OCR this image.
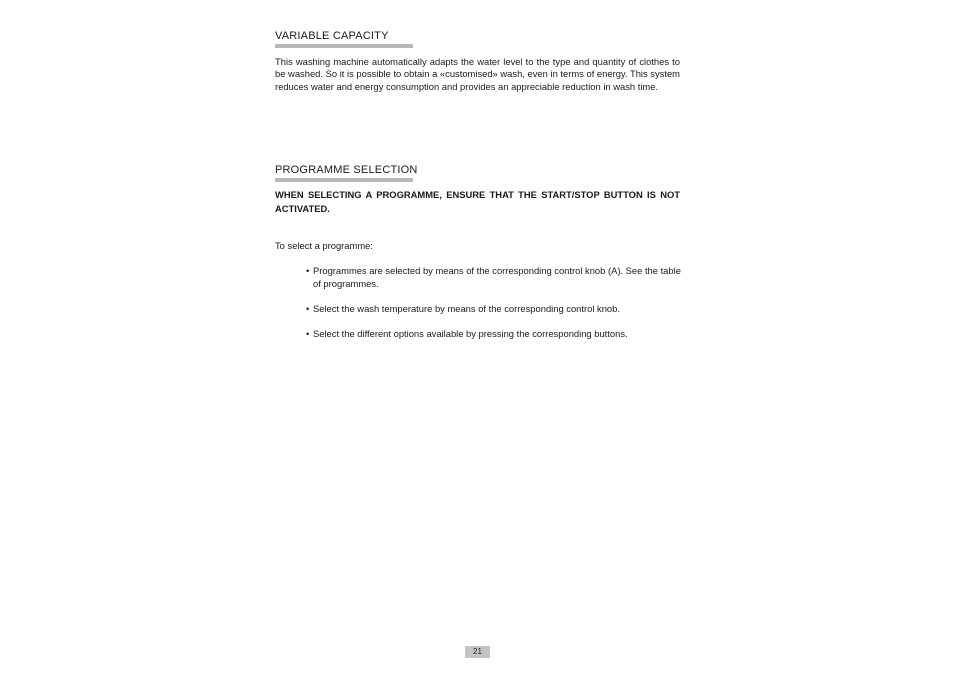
VARIABLE CAPACITY

This washing machine automatically adapts the water level to the type and quantity of clothes to be washed. So it is possible to obtain a «customised» wash, even in terms of energy. This system reduces water and energy consumption and provides an appreciable reduction in wash time.

PROGRAMME SELECTION

WHEN SELECTING A PROGRAMME, ENSURE THAT THE START/STOP BUTTON IS NOT ACTIVATED.

To select a programme:
• Programmes are selected by means of the corresponding control knob (A). See the table of programmes.
• Select the wash temperature by means of the corresponding control knob.
• Select the different options available by pressing the corresponding buttons.
21
